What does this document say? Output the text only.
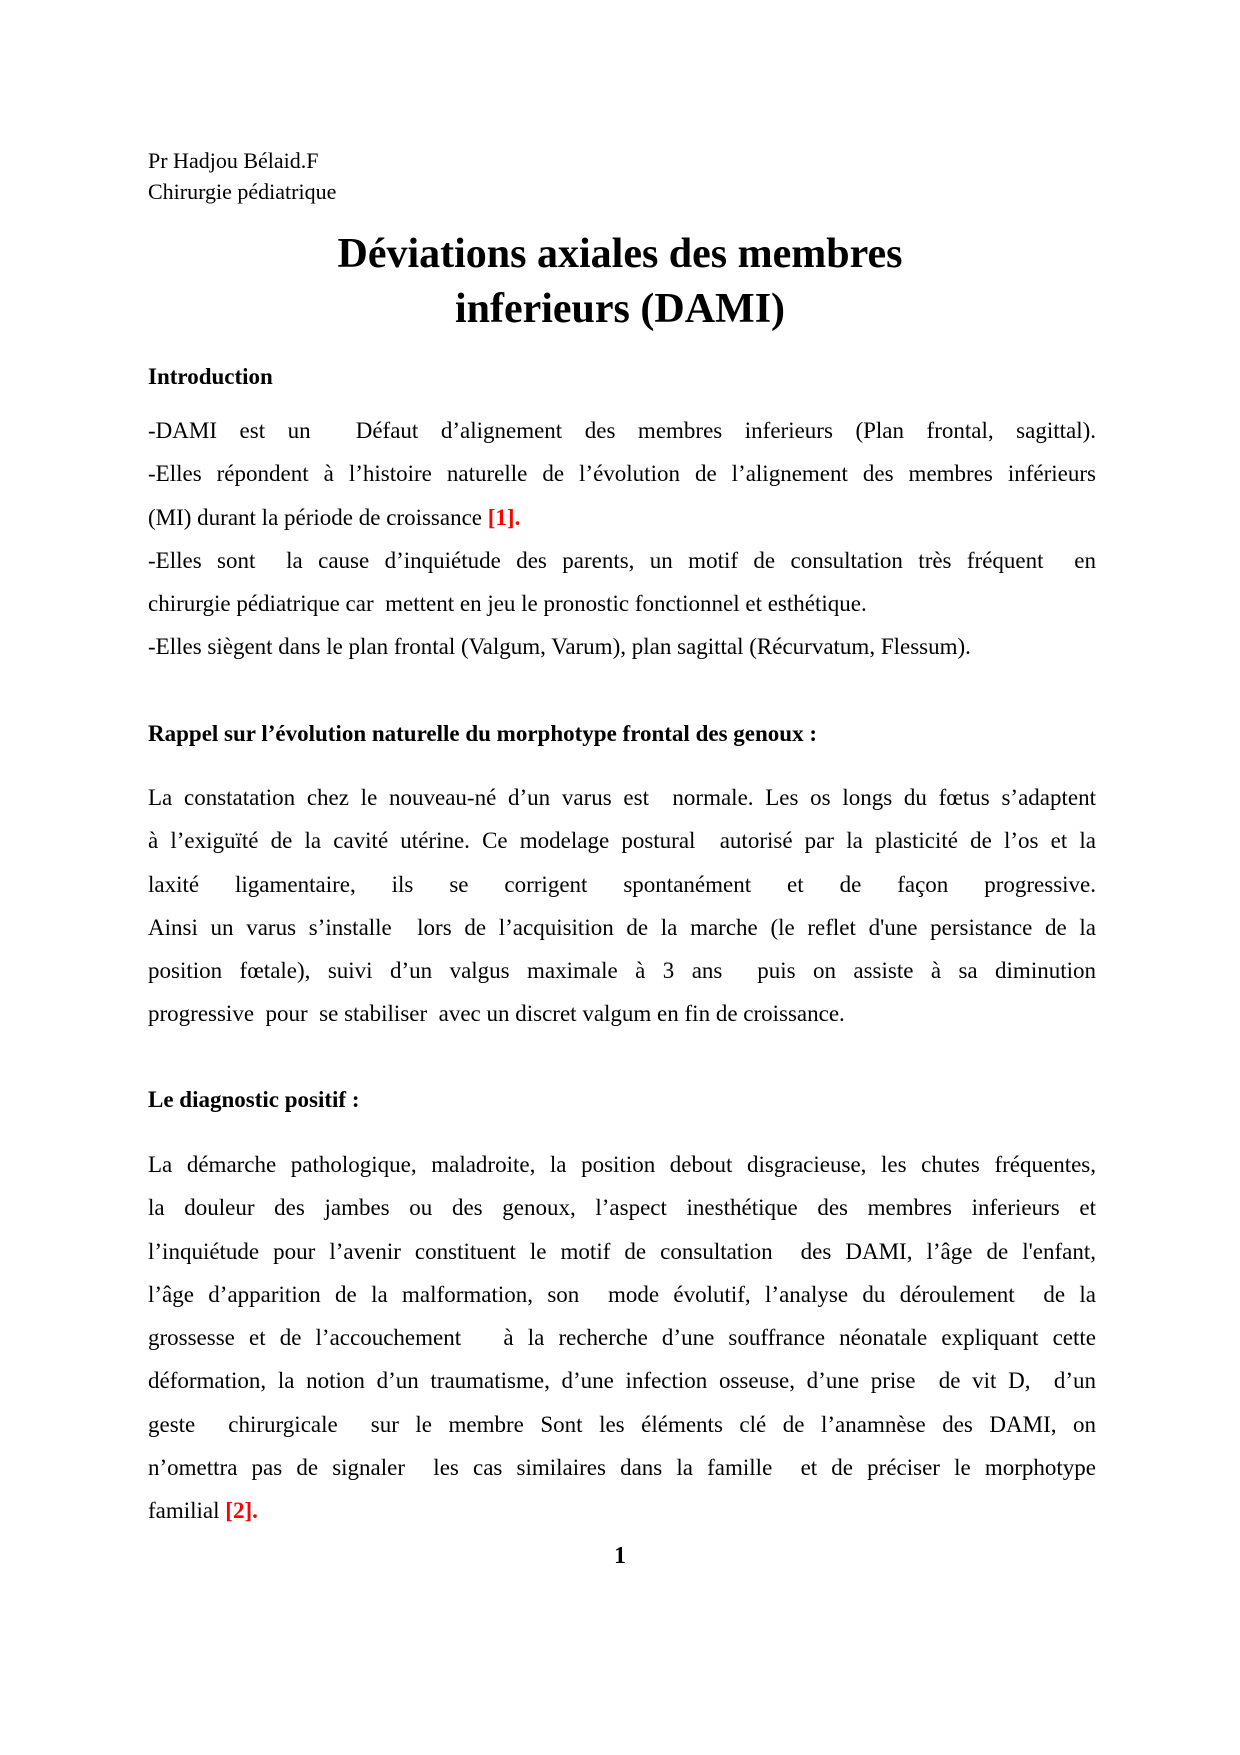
Pr Hadjou Bélaid.F
Chirurgie pédiatrique
Déviations axiales des membres
inferieurs (DAMI)
Introduction
-DAMI est un  Défaut d’alignement des membres inferieurs (Plan frontal, sagittal).
-Elles répondent à l’histoire naturelle de l’évolution de l’alignement des membres inférieurs
(MI) durant la période de croissance [1].
-Elles sont  la cause d’inquiétude des parents, un motif de consultation très fréquent  en
chirurgie pédiatrique car  mettent en jeu le pronostic fonctionnel et esthétique.
-Elles siègent dans le plan frontal (Valgum, Varum), plan sagittal (Récurvatum, Flessum).
Rappel sur l’évolution naturelle du morphotype frontal des genoux :
La constatation chez le nouveau-né d’un varus est  normale. Les os longs du fœtus s’adaptent
à l’exiguïté de la cavité utérine. Ce modelage postural  autorisé par la plasticité de l’os et la
laxité ligamentaire, ils se corrigent spontanément et de façon progressive.
Ainsi un varus s’installe  lors de l’acquisition de la marche (le reflet d'une persistance de la
position fœtale), suivi d’un valgus maximale à 3 ans  puis on assiste à sa diminution
progressive  pour  se stabiliser  avec un discret valgum en fin de croissance.
Le diagnostic positif :
La démarche pathologique, maladroite, la position debout disgracieuse, les chutes fréquentes,
la douleur des jambes ou des genoux, l’aspect inesthétique des membres inferieurs et
l’inquiétude pour l’avenir constituent le motif de consultation  des DAMI, l’âge de l'enfant,
l’âge d’apparition de la malformation, son  mode évolutif, l’analyse du déroulement  de la
grossesse et de l’accouchement   à la recherche d’une souffrance néonatale expliquant cette
déformation, la notion d’un traumatisme, d’une infection osseuse, d’une prise  de vit D,  d’un
geste  chirurgicale  sur le membre Sont les éléments clé de l’anamnèse des DAMI, on
n’omettra pas de signaler  les cas similaires dans la famille  et de préciser le morphotype
familial [2].
1
